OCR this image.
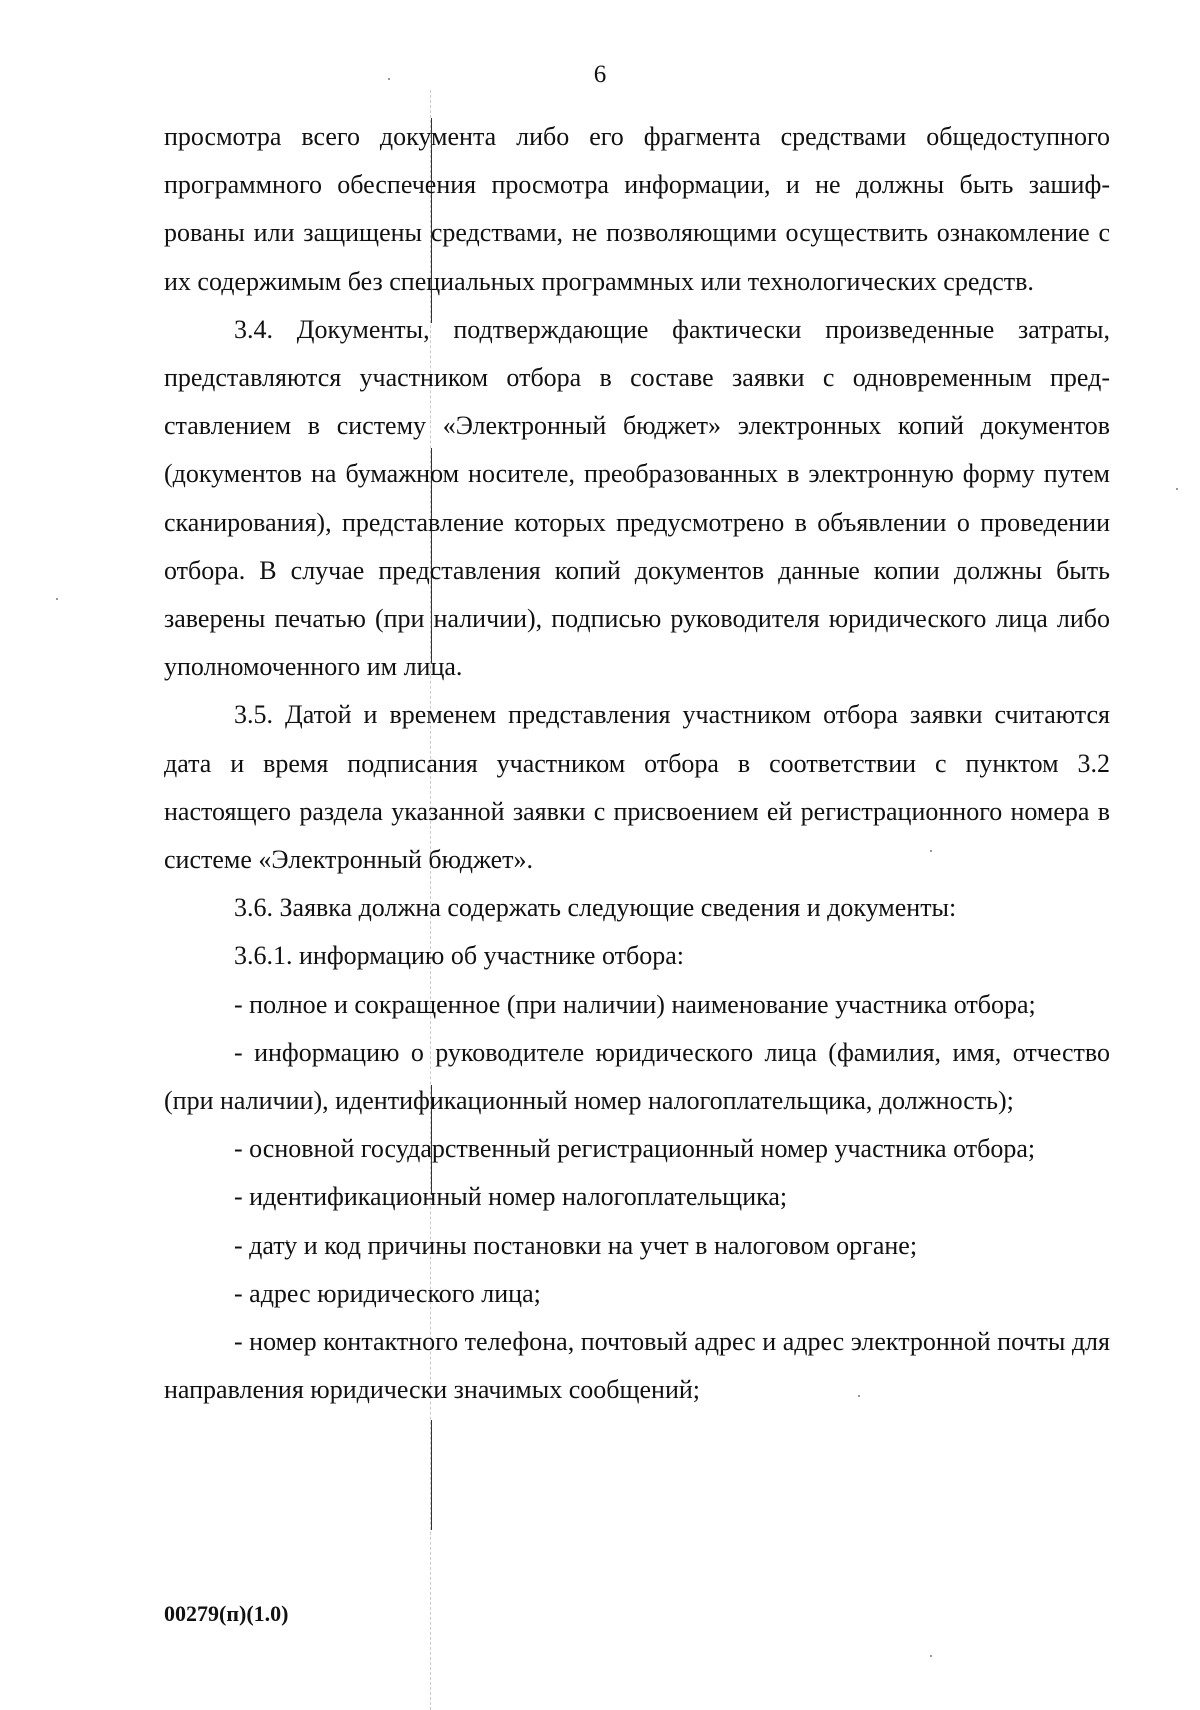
6

просмотра всего документа либо его фрагмента средствами общедоступного программного обеспечения просмотра информации, и не должны быть зашифрованы или защищены средствами, не позволяющими осуществить ознакомление с их содержимым без специальных программных или технологических средств.

3.4. Документы, подтверждающие фактически произведенные затраты, представляются участником отбора в составе заявки с одновременным представлением в систему «Электронный бюджет» электронных копий документов (документов на бумажном носителе, преобразованных в электронную форму путем сканирования), представление которых предусмотрено в объявлении о проведении отбора. В случае представления копий документов данные копии должны быть заверены печатью (при наличии), подписью руководителя юридического лица либо уполномоченного им лица.

3.5. Датой и временем представления участником отбора заявки считаются дата и время подписания участником отбора в соответствии с пунктом 3.2 настоящего раздела указанной заявки с присвоением ей регистрационного номера в системе «Электронный бюджет».

3.6. Заявка должна содержать следующие сведения и документы:

3.6.1. информацию об участнике отбора:

- полное и сокращенное (при наличии) наименование участника отбора;

- информацию о руководителе юридического лица (фамилия, имя, отчество (при наличии), идентификационный номер налогоплательщика, должность);

- основной государственный регистрационный номер участника отбора;

- идентификационный номер налогоплательщика;

- дату и код причины постановки на учет в налоговом органе;

- адрес юридического лица;

- номер контактного телефона, почтовый адрес и адрес электронной почты для направления юридически значимых сообщений;

00279(п)(1.0)
